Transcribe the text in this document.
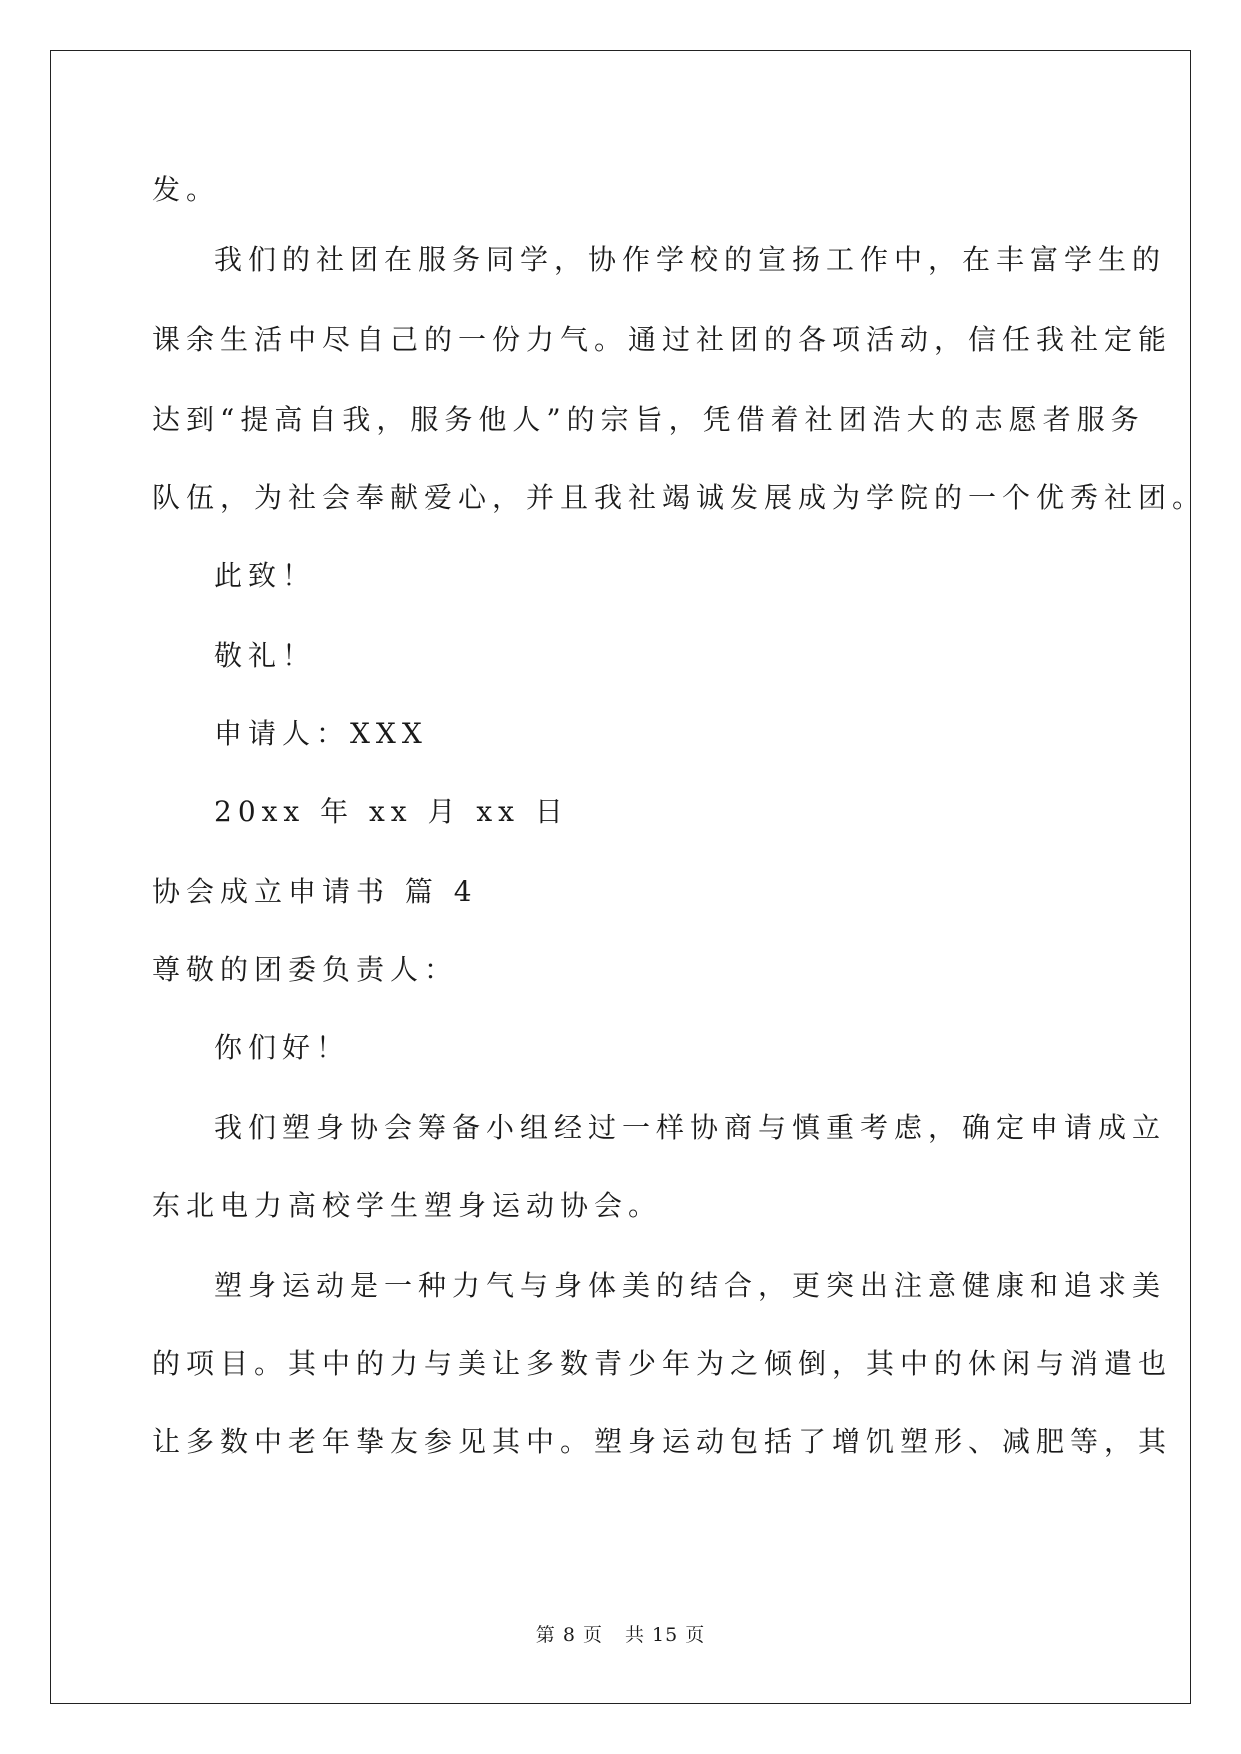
发。
我们的社团在服务同学，协作学校的宣扬工作中，在丰富学生的
课余生活中尽自己的一份力气。通过社团的各项活动，信任我社定能
达到“提高自我，服务他人”的宗旨，凭借着社团浩大的志愿者服务
队伍，为社会奉献爱心，并且我社竭诚发展成为学院的一个优秀社团。
此致！
敬礼！
申请人：XXX
20xx 年 xx 月 xx 日
协会成立申请书 篇 4
尊敬的团委负责人：
你们好！
我们塑身协会筹备小组经过一样协商与慎重考虑，确定申请成立
东北电力高校学生塑身运动协会。
塑身运动是一种力气与身体美的结合，更突出注意健康和追求美
的项目。其中的力与美让多数青少年为之倾倒，其中的休闲与消遣也
让多数中老年挚友参见其中。塑身运动包括了增饥塑形、减肥等，其
第 8 页 共 15 页
